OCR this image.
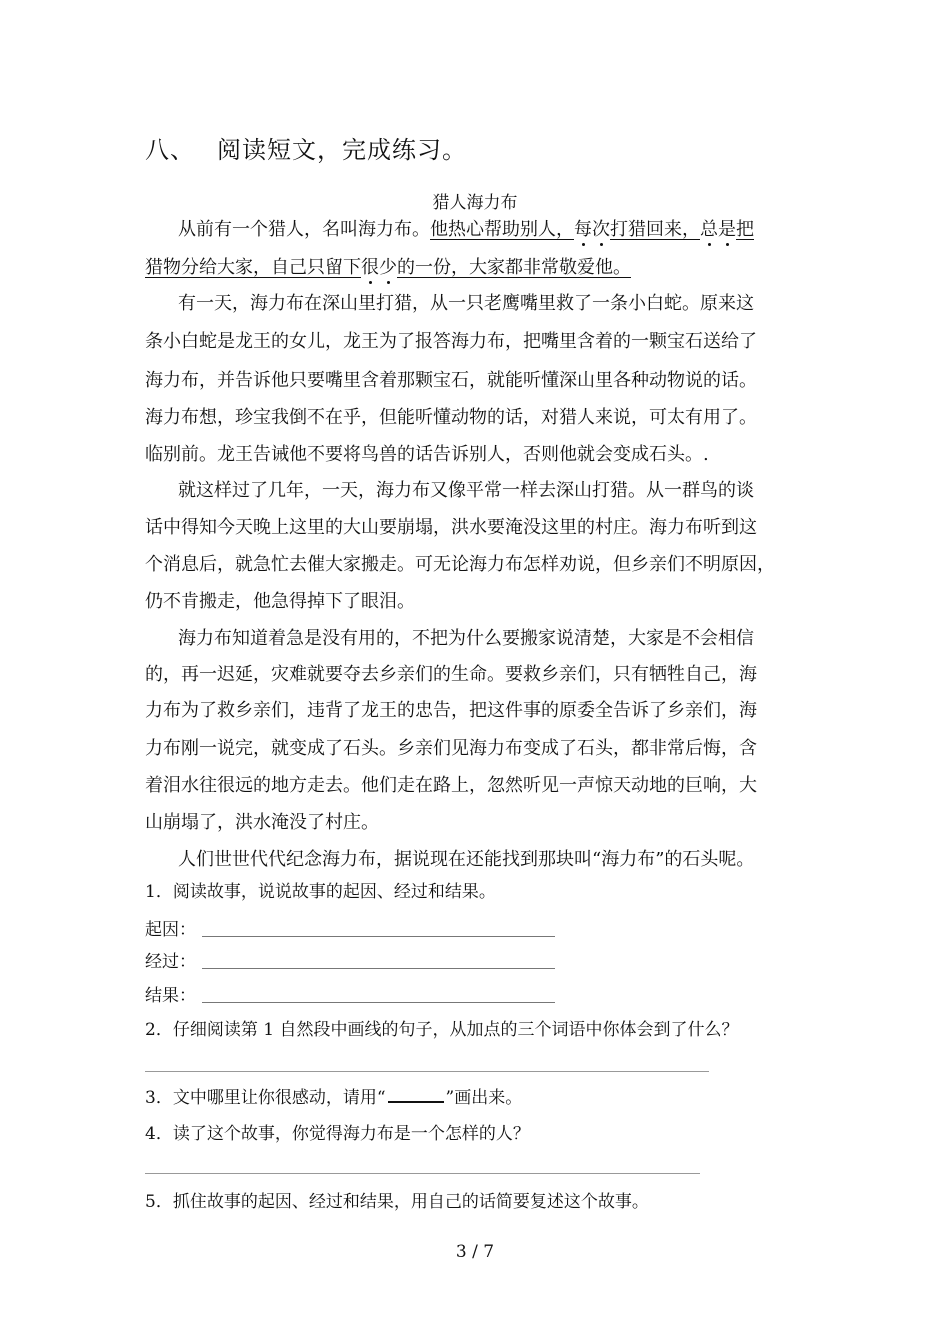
八、 阅读短文，完成练习。
猎人海力布
从前有一个猎人，名叫海力布。他热心帮助别人，每次打猎回来，总是把
猎物分给大家，自己只留下很少的一份，大家都非常敬爱他。
有一天，海力布在深山里打猎，从一只老鹰嘴里救了一条小白蛇。原来这
条小白蛇是龙王的女儿，龙王为了报答海力布，把嘴里含着的一颗宝石送给了
海力布，并告诉他只要嘴里含着那颗宝石，就能听懂深山里各种动物说的话。
海力布想，珍宝我倒不在乎，但能听懂动物的话，对猎人来说，可太有用了。
临别前。龙王告诫他不要将鸟兽的话告诉别人，否则他就会变成石头。.
就这样过了几年，一天，海力布又像平常一样去深山打猎。从一群鸟的谈
话中得知今天晚上这里的大山要崩塌，洪水要淹没这里的村庄。海力布听到这
个消息后，就急忙去催大家搬走。可无论海力布怎样劝说，但乡亲们不明原因，
仍不肯搬走，他急得掉下了眼泪。
海力布知道着急是没有用的，不把为什么要搬家说清楚，大家是不会相信
的，再一迟延，灾难就要夺去乡亲们的生命。要救乡亲们，只有牺牲自己，海
力布为了救乡亲们，违背了龙王的忠告，把这件事的原委全告诉了乡亲们，海
力布刚一说完，就变成了石头。乡亲们见海力布变成了石头，都非常后悔，含
着泪水往很远的地方走去。他们走在路上，忽然听见一声惊天动地的巨响，大
山崩塌了，洪水淹没了村庄。
人们世世代代纪念海力布，据说现在还能找到那块叫“海力布”的石头呢。
1．阅读故事，说说故事的起因、经过和结果。
起因：
经过：
结果：
2．仔细阅读第 1 自然段中画线的句子，从加点的三个词语中你体会到了什么？
3．文中哪里让你很感动，请用“	”画出来。
4．读了这个故事，你觉得海力布是一个怎样的人？
5．抓住故事的起因、经过和结果，用自己的话简要复述这个故事。
3 / 7
